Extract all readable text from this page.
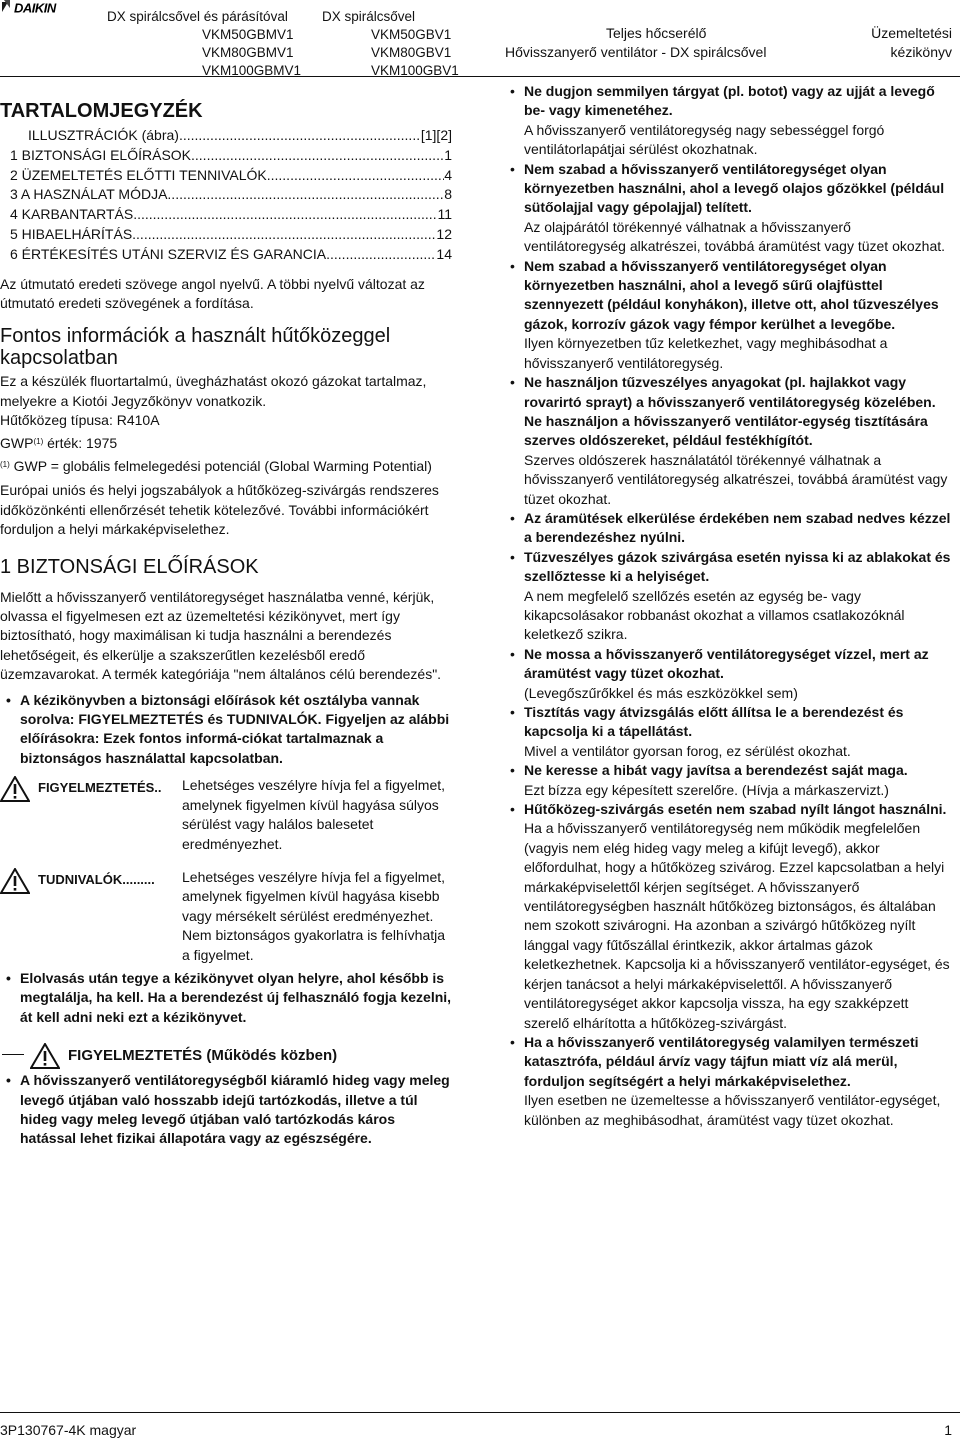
DAIKIN
DX spirálcsővel és párásítóval
VKM50GBMV1
VKM80GBMV1
VKM100GBMV1
DX spirálcsővel
VKM50GBV1
VKM80GBV1
VKM100GBV1
Teljes hőcserélő
Hővisszanyerő ventilátor - DX spirálcsővel
Üzemeltetési
kézikönyv
TARTALOMJEGYZÉK
ILLUSZTRÁCIÓK (ábra) .....	[1][2]
1 BIZTONSÁGI ELŐÍRÁSOK .....	1
2 ÜZEMELTETÉS ELŐTTI TENNIVALÓK .....	4
3 A HASZNÁLAT MÓDJA .....	8
4 KARBANTARTÁS .....	11
5 HIBAELHÁRÍTÁS .....	12
6 ÉRTÉKESÍTÉS UTÁNI SZERVIZ ÉS GARANCIA .....	14

Az útmutató eredeti szövege angol nyelvű. A többi nyelvű változat az útmutató eredeti szövegének a fordítása.

Fontos információk a használt hűtőközeggel kapcsolatban

Ez a készülék fluortartalmú, üvegházhatást okozó gázokat tartalmaz, melyekre a Kiotói Jegyzőkönyv vonatkozik.

Hűtőközeg típusa: R410A

GWP$^{(1)}$ érték: 1975

$^{(1)}$ GWP = globális felmelegedési potenciál (Global Warming Potential)

Európai uniós és helyi jogszabályok a hűtőközeg-szivárgás rendszeres időközönkénti ellenőrzését tehetik kötelezővé. További információkért forduljon a helyi márkaképviselethez.

1 BIZTONSÁGI ELŐÍRÁSOK

Mielőtt a hővisszanyerő ventilátoregységet használatba venné, kérjük, olvassa el figyelmesen ezt az üzemeltetési kézikönyvet, mert így biztosítható, hogy maximálisan ki tudja használni a berendezés lehetőségeit, és elkerülje a szakszerűtlen kezelésből eredő üzemzavarokat. A termék kategóriája "nem általános célú berendezés".

• A kézikönyvben a biztonsági előírások két osztályba vannak sorolva: FIGYELMEZTETÉS és TUDNIVALÓK. Figyeljen az alábbi előírásokra: Ezek fontos informá-ciókat tartalmaznak a biztonságos használattal kapcsolatban.
FIGYELMEZTETÉS.. Lehetséges veszélyre hívja fel a figyelmet, amelynek figyelmen kívül hagyása súlyos sérülést vagy halálos balesetet eredményezhet.
TUDNIVALÓK......... Lehetséges veszélyre hívja fel a figyelmet, amelynek figyelmen kívül hagyása kisebb vagy mérsékelt sérülést eredményezhet. Nem biztonságos gyakorlatra is felhívhatja a figyelmet.
• Elolvasás után tegye a kézikönyvet olyan helyre, ahol később is megtalálja, ha kell. Ha a berendezést új felhasználó fogja kezelni, át kell adni neki ezt a kézikönyvet.
FIGYELMEZTETÉS (Működés közben)
• A hővisszanyerő ventilátoregységből kiáramló hideg vagy meleg levegő útjában való hosszabb idejű tartózkodás, illetve a túl hideg vagy meleg levegő útjában való tartózkodás káros hatással lehet fizikai állapotára vagy az egészségére.
• Ne dugjon semmilyen tárgyat (pl. botot) vagy az ujját a levegő be- vagy kimenetéhez.
A hővisszanyerő ventilátoregység nagy sebességgel forgó ventilátorlapátjai sérülést okozhatnak.
• Nem szabad a hővisszanyerő ventilátoregységet olyan környezetben használni, ahol a levegő olajos gőzökkel (például sütőolajjal vagy gépolajjal) telített.
Az olajpárától törékennyé válhatnak a hővisszanyerő ventilátoregység alkatrészei, továbbá áramütést vagy tüzet okozhat.
• Nem szabad a hővisszanyerő ventilátoregységet olyan környezetben használni, ahol a levegő sűrű olajfüsttel szennyezett (például konyhákon), illetve ott, ahol tűzveszélyes gázok, korrozív gázok vagy fémpor kerülhet a levegőbe.
Ilyen környezetben tűz keletkezhet, vagy meghibásodhat a hővisszanyerő ventilátoregység.
• Ne használjon tűzveszélyes anyagokat (pl. hajlakkot vagy rovarirtó sprayt) a hővisszanyerő ventilátoregység közelében. Ne használjon a hővisszanyerő ventilátor-egység tisztítására szerves oldószereket, például festékhígítót.
Szerves oldószerek használatától törékennyé válhatnak a hővisszanyerő ventilátoregység alkatrészei, továbbá áramütést vagy tüzet okozhat.
• Az áramütések elkerülése érdekében nem szabad nedves kézzel a berendezéshez nyúlni.
• Tűzveszélyes gázok szivárgása esetén nyissa ki az ablakokat és szellőztesse ki a helyiséget.
A nem megfelelő szellőzés esetén az egység be- vagy kikapcsolásakor robbanást okozhat a villamos csatlakozóknál keletkező szikra.
• Ne mossa a hővisszanyerő ventilátoregységet vízzel, mert az áramütést vagy tüzet okozhat.
(Levegőszűrőkkel és más eszközökkel sem)
• Tisztítás vagy átvizsgálás előtt állítsa le a berendezést és kapcsolja ki a tápellátást.
Mivel a ventilátor gyorsan forog, ez sérülést okozhat.
• Ne keresse a hibát vagy javítsa a berendezést saját maga.
Ezt bízza egy képesített szerelőre. (Hívja a márkaszervizt.)
• Hűtőközeg-szivárgás esetén nem szabad nyílt lángot használni.
Ha a hővisszanyerő ventilátoregység nem működik megfelelően (vagyis nem elég hideg vagy meleg a kifújt levegő), akkor előfordulhat, hogy a hűtőközeg szivárog. Ezzel kapcsolatban a helyi márkaképviselettől kérjen segítséget. A hővisszanyerő ventilátoregységben használt hűtőközeg biztonságos, és általában nem szokott szivárogni. Ha azonban a szivárgó hűtőközeg nyílt lánggal vagy fűtőszállal érintkezik, akkor ártalmas gázok keletkezhetnek. Kapcsolja ki a hővisszanyerő ventilátor-egységet, és kérjen tanácsot a helyi márkaképviselettől. A hővisszanyerő ventilátoregységet akkor kapcsolja vissza, ha egy szakképzett szerelő elhárította a hűtőközeg-szivárgást.
• Ha a hővisszanyerő ventilátoregység valamilyen természeti katasztrófa, például árvíz vagy tájfun miatt víz alá merül, forduljon segítségért a helyi márkaképviselethez.
Ilyen esetben ne üzemeltesse a hővisszanyerő ventilátor-egységet, különben az meghibásodhat, áramütést vagy tüzet okozhat.
3P130767-4K magyar	1
